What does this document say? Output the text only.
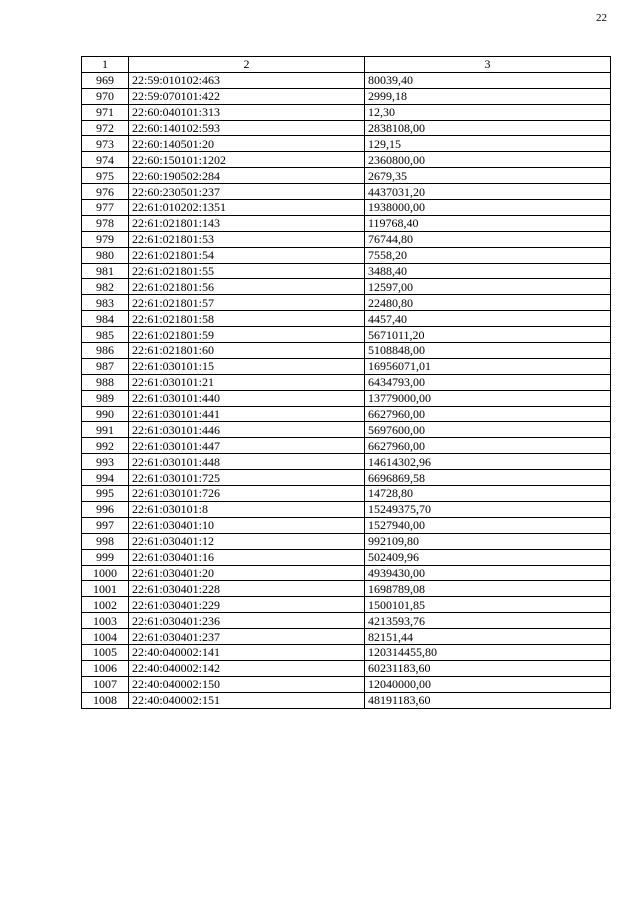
22
1	2	3
969	22:59:010102:463	80039,40
970	22:59:070101:422	2999,18
971	22:60:040101:313	12,30
972	22:60:140102:593	2838108,00
973	22:60:140501:20	129,15
974	22:60:150101:1202	2360800,00
975	22:60:190502:284	2679,35
976	22:60:230501:237	4437031,20
977	22:61:010202:1351	1938000,00
978	22:61:021801:143	119768,40
979	22:61:021801:53	76744,80
980	22:61:021801:54	7558,20
981	22:61:021801:55	3488,40
982	22:61:021801:56	12597,00
983	22:61:021801:57	22480,80
984	22:61:021801:58	4457,40
985	22:61:021801:59	5671011,20
986	22:61:021801:60	5108848,00
987	22:61:030101:15	16956071,01
988	22:61:030101:21	6434793,00
989	22:61:030101:440	13779000,00
990	22:61:030101:441	6627960,00
991	22:61:030101:446	5697600,00
992	22:61:030101:447	6627960,00
993	22:61:030101:448	14614302,96
994	22:61:030101:725	6696869,58
995	22:61:030101:726	14728,80
996	22:61:030101:8	15249375,70
997	22:61:030401:10	1527940,00
998	22:61:030401:12	992109,80
999	22:61:030401:16	502409,96
1000	22:61:030401:20	4939430,00
1001	22:61:030401:228	1698789,08
1002	22:61:030401:229	1500101,85
1003	22:61:030401:236	4213593,76
1004	22:61:030401:237	82151,44
1005	22:40:040002:141	120314455,80
1006	22:40:040002:142	60231183,60
1007	22:40:040002:150	12040000,00
1008	22:40:040002:151	48191183,60
